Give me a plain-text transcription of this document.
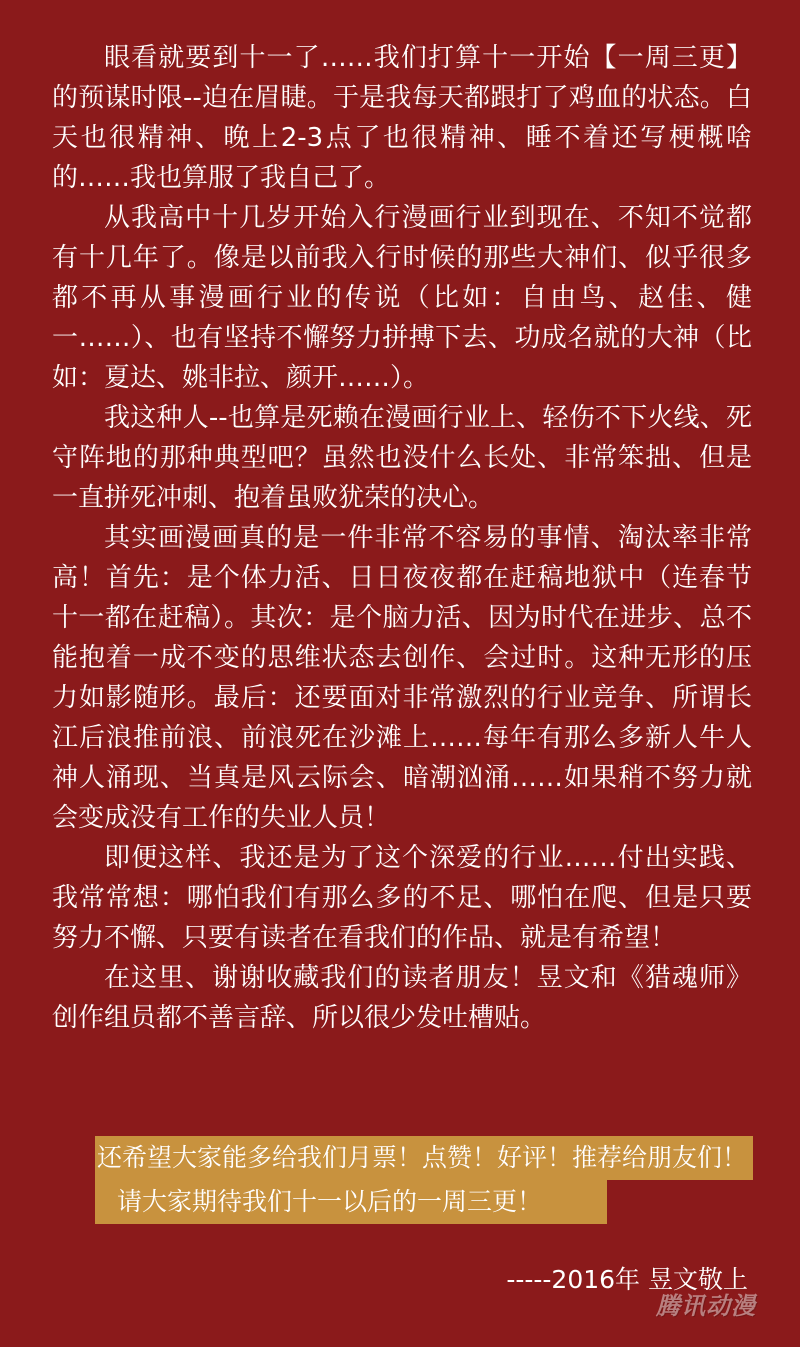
眼看就要到十一了……我们打算十一开始【一周三更】的预谋时限--迫在眉睫。于是我每天都跟打了鸡血的状态。白天也很精神、晚上2-3点了也很精神、睡不着还写梗概啥的……我也算服了我自己了。

从我高中十几岁开始入行漫画行业到现在、不知不觉都有十几年了。像是以前我入行时候的那些大神们、似乎很多都不再从事漫画行业的传说（比如：自由鸟、赵佳、健一……）、也有坚持不懈努力拼搏下去、功成名就的大神（比如：夏达、姚非拉、颜开……）。

我这种人--也算是死赖在漫画行业上、轻伤不下火线、死守阵地的那种典型吧？虽然也没什么长处、非常笨拙、但是一直拼死冲刺、抱着虽败犹荣的决心。

其实画漫画真的是一件非常不容易的事情、淘汰率非常高！首先：是个体力活、日日夜夜都在赶稿地狱中（连春节十一都在赶稿）。其次：是个脑力活、因为时代在进步、总不能抱着一成不变的思维状态去创作、会过时。这种无形的压力如影随形。最后：还要面对非常激烈的行业竞争、所谓长江后浪推前浪、前浪死在沙滩上……每年有那么多新人牛人神人涌现、当真是风云际会、暗潮汹涌……如果稍不努力就会变成没有工作的失业人员！

即便这样、我还是为了这个深爱的行业……付出实践、我常常想：哪怕我们有那么多的不足、哪怕在爬、但是只要努力不懈、只要有读者在看我们的作品、就是有希望！

在这里、谢谢收藏我们的读者朋友！昱文和《猎魂师》创作组员都不善言辞、所以很少发吐槽贴。

还希望大家能多给我们月票！点赞！好评！推荐给朋友们！
请大家期待我们十一以后的一周三更！
-----2016年 昱文敬上
腾讯动漫
